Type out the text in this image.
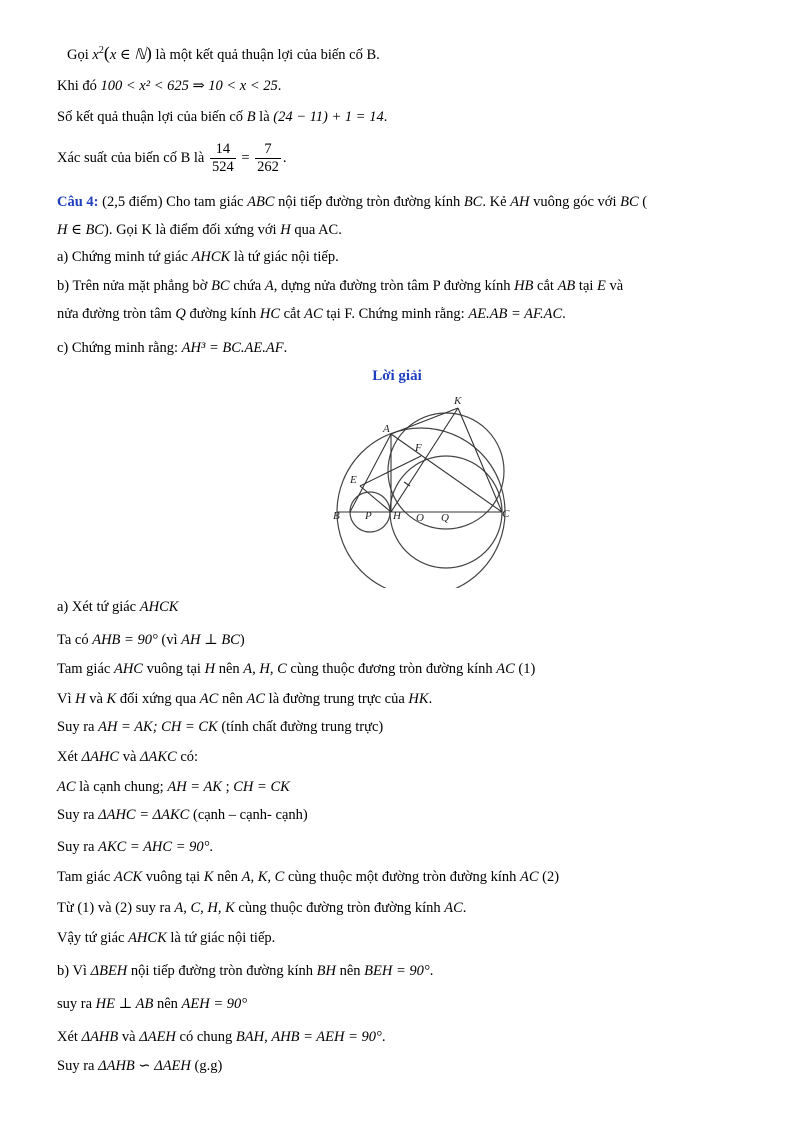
Gọi $x^2(x$ ∈ ℕ) là một kết quả thuận lợi của biến cố B.
Khi đó 100 < x² < 625 ⇒ 10 < x < 25.
Số kết quả thuận lợi của biến cố B là (24 − 11) + 1 = 14.
Xác suất của biến cố B là $\frac{14}{524} = \frac{7}{262}$ .
Câu 4: (2,5 điểm) Cho tam giác ABC nội tiếp đường tròn đường kính BC. Kẻ AH vuông góc với BC (
H ∈ BC). Gọi K là điểm đối xứng với H qua AC.
a) Chứng minh tứ giác AHCK là tứ giác nội tiếp.
b) Trên nửa mặt phẳng bờ BC chứa A, dựng nửa đường tròn tâm P đường kính HB cắt AB tại E và
nửa đường tròn tâm Q đường kính HC cắt AC tại F. Chứng minh rằng: AE.AB = AF.AC.
c) Chứng minh rằng: AH³ = BC.AE.AF.
Lời giải
K
A
F
E
B P H O Q	C
a) Xét tứ giác AHCK
Ta có AHB = 90° (vì AH ⊥ BC)
Tam giác AHC vuông tại H nên A, H, C cùng thuộc đương tròn đường kính AC (1)
Vì H và K đối xứng qua AC nên AC là đường trung trực của HK.
Suy ra AH = AK; CH = CK (tính chất đường trung trực)
Xét ΔAHC và ΔAKC có:
AC là cạnh chung; AH = AK ; CH = CK
Suy ra ΔAHC = ΔAKC (cạnh – cạnh- cạnh)
Suy ra AKC = AHC = 90°.
Tam giác ACK vuông tại K nên A, K, C cùng thuộc một đường tròn đường kính AC (2)
Từ (1) và (2) suy ra A, C, H, K cùng thuộc đường tròn đường kính AC.
Vậy tứ giác AHCK là tứ giác nội tiếp.
b) Vì ΔBEH nội tiếp đường tròn đường kính BH nên BEH = 90°.
suy ra HE ⊥ AB nên AEH = 90°
Xét ΔAHB và ΔAEH có chung BAH, AHB = AEH = 90°.
Suy ra ΔAHB ∽ ΔAEH (g.g)
